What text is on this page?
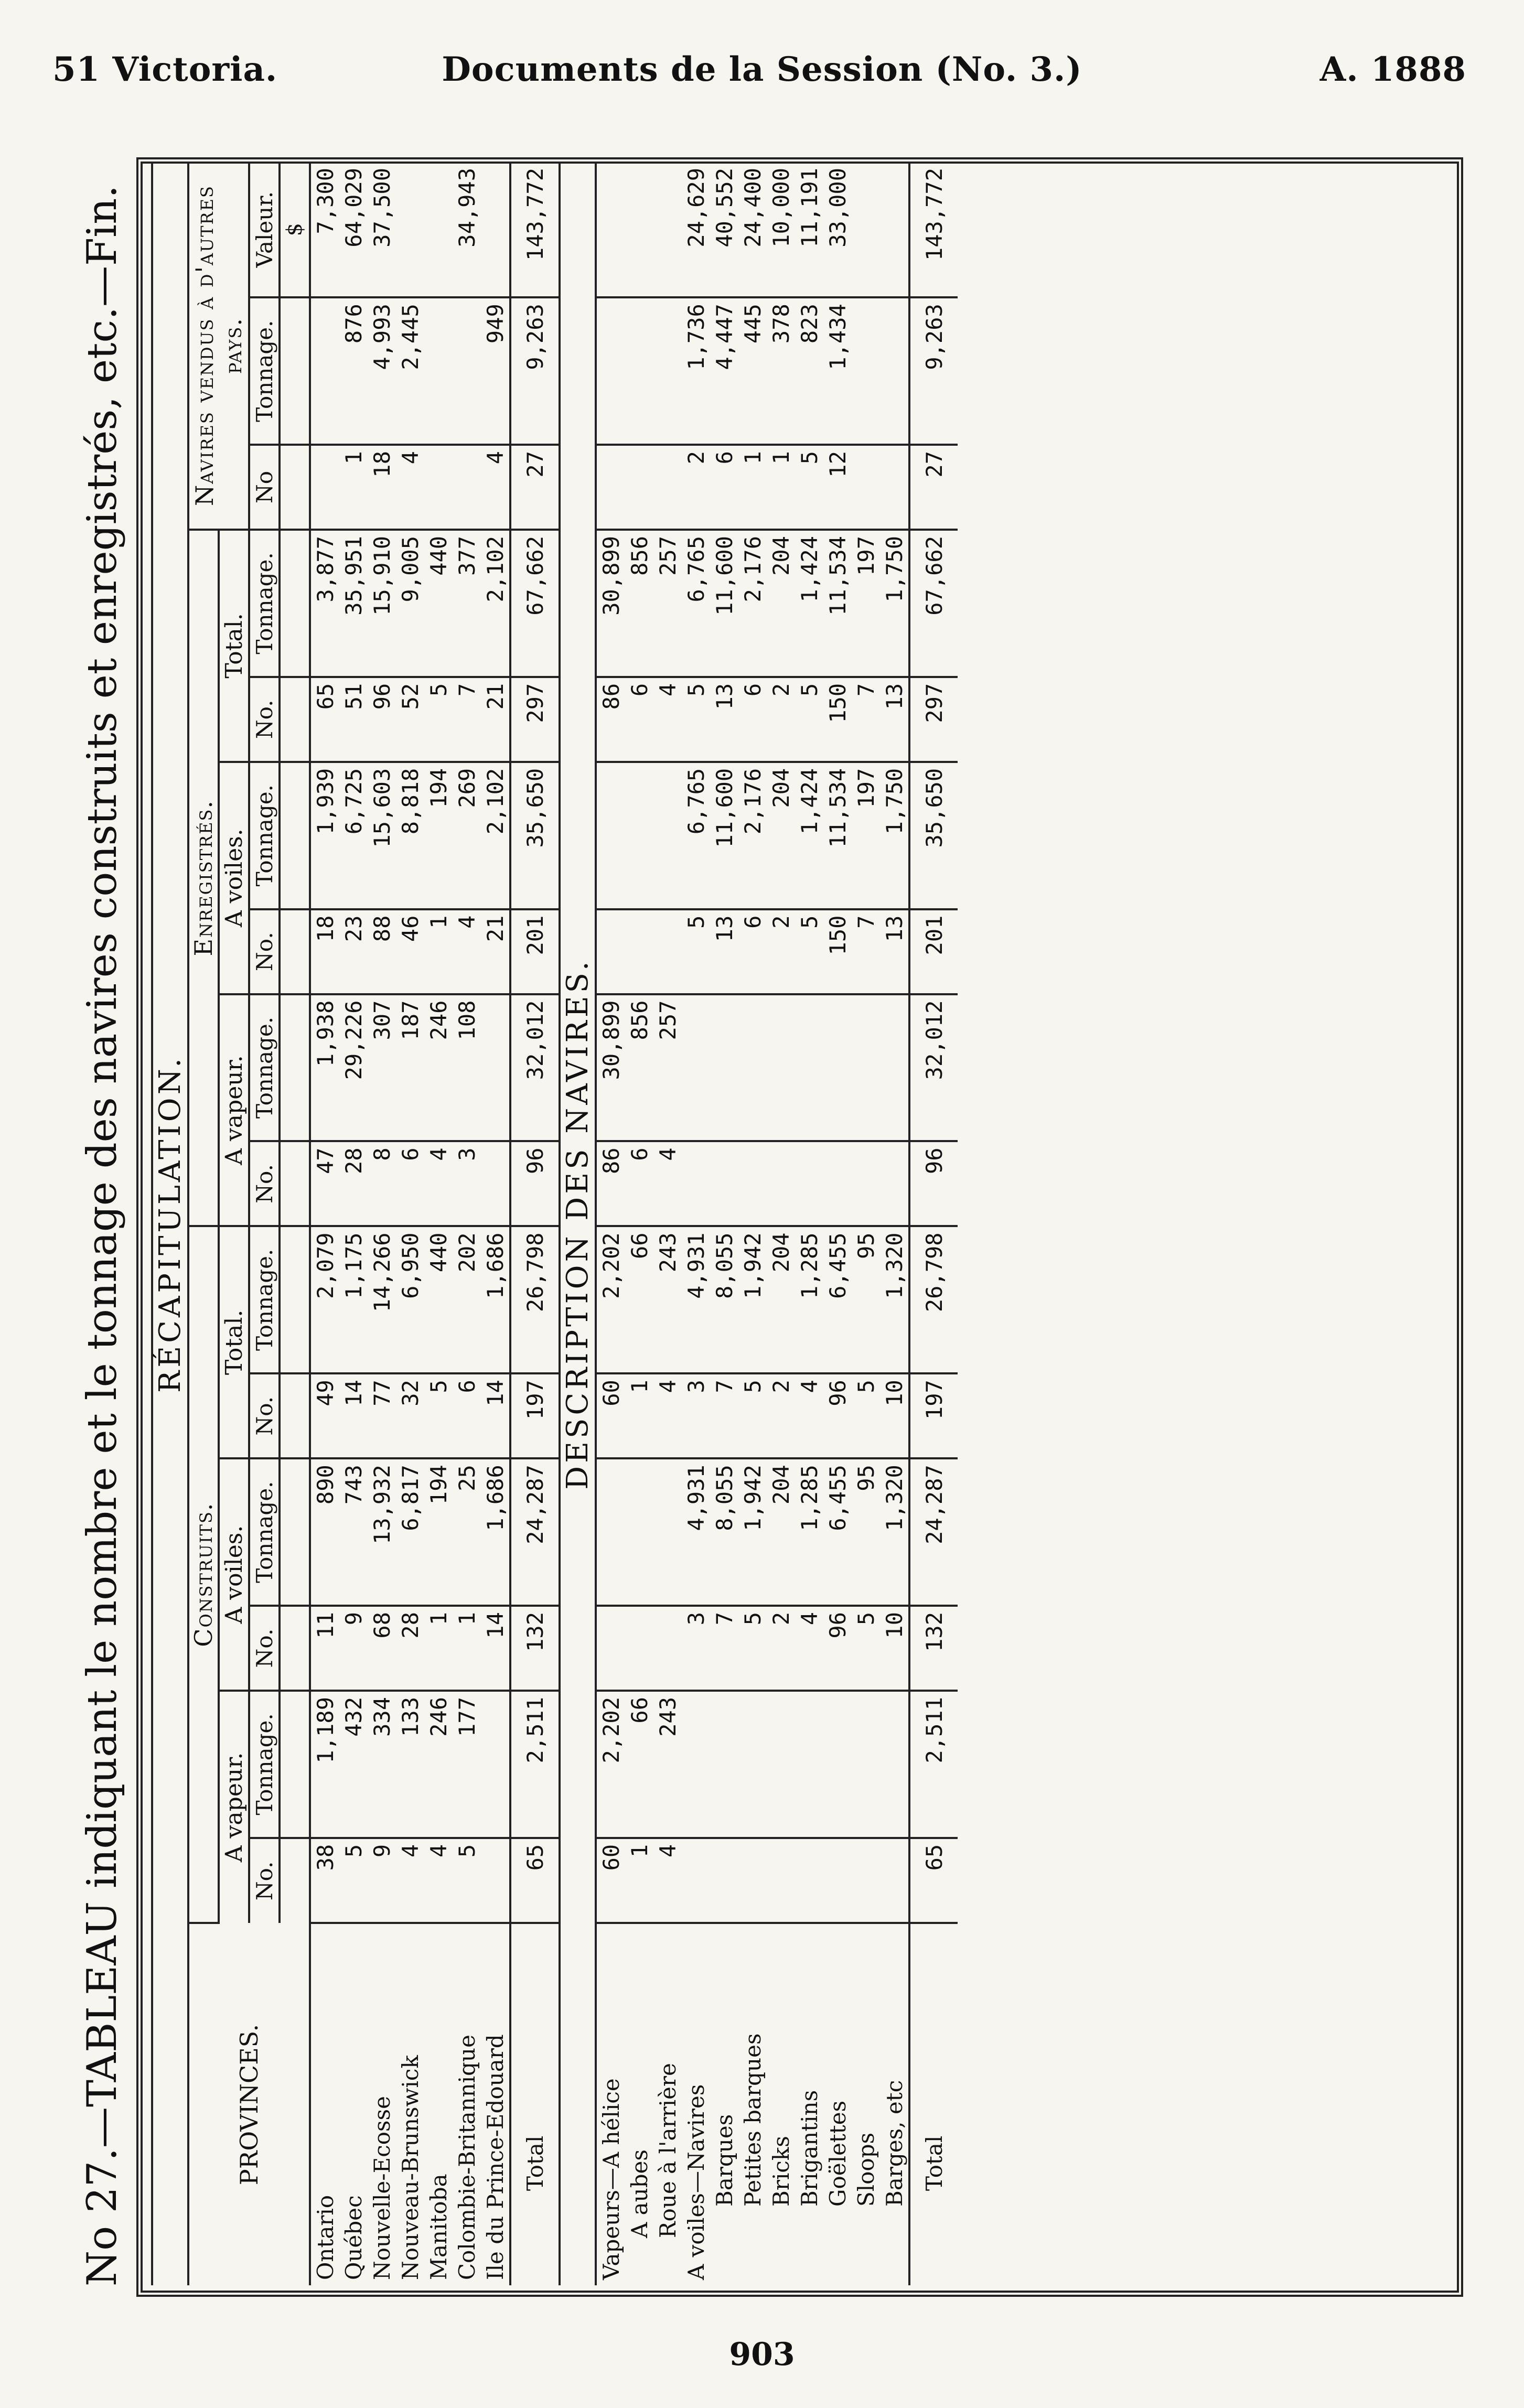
51 Victoria.	Documents de la Session (No. 3.)	A. 1888
No 27.—TABLEAU indiquant le nombre et le tonnage des navires construits et enregistrés, etc.—Fin. RÉCAPITULATION.															
PROVINCES.	Construits.						Enregistrés.						Navires vendus à d'autres pays.		
	A vapeur.		A voiles.		Total.		A vapeur.		A voiles.		Total.				
	No.	Tonnage.	No.	Tonnage.	No.	Tonnage.	No.	Tonnage.	No.	Tonnage.	No.	Tonnage.	No	Tonnage.	Valeur.
															$
Ontario	38	1,189	11	890	49	2,079	47	1,938	18	1,939	65	3,877			7,300
Québec	5	432	9	743	14	1,175	28	29,226	23	6,725	51	35,951	1	876	64,029
Nouvelle-Ecosse	9	334	68	13,932	77	14,266	8	307	88	15,603	96	15,910	18	4,993	37,500
Nouveau-Brunswick	4	133	28	6,817	32	6,950	6	187	46	8,818	52	9,005	4	2,445	
Manitoba	4	246	1	194	5	440	4	246	1	194	5	440			
Colombie-Britannique	5	177	1	25	6	202	3	108	4	269	7	377			34,943
Ile du Prince-Edouard			14	1,686	14	1,686			21	2,102	21	2,102	4	949	
Total	65	2,511	132	24,287	197	26,798	96	32,012	201	35,650	297	67,662	27	9,263	143,772
DESCRIPTION DES NAVIRES.															
Vapeurs—A hélice	60	2,202			60	2,202	86	30,899			86	30,899			
A aubes	1	66			1	66	6	856			6	856			
Roue à l'arrière	4	243			4	243	4	257			4	257			
A voiles—Navires			3	4,931	3	4,931			5	6,765	5	6,765	2	1,736	24,629
Barques			7	8,055	7	8,055			13	11,600	13	11,600	6	4,447	40,552
Petites barques			5	1,942	5	1,942			6	2,176	6	2,176	1	445	24,400
Bricks			2	204	2	204			2	204	2	204	1	378	10,000
Brigantins			4	1,285	4	1,285			5	1,424	5	1,424	5	823	11,191
Goëlettes			96	6,455	96	6,455			150	11,534	150	11,534	12	1,434	33,000
Sloops			5	95	5	95			7	197	7	197			
Barges, etc			10	1,320	10	1,320			13	1,750	13	1,750			
Total	65	2,511	132	24,287	197	26,798	96	32,012	201	35,650	297	67,662	27	9,263	143,772
903
